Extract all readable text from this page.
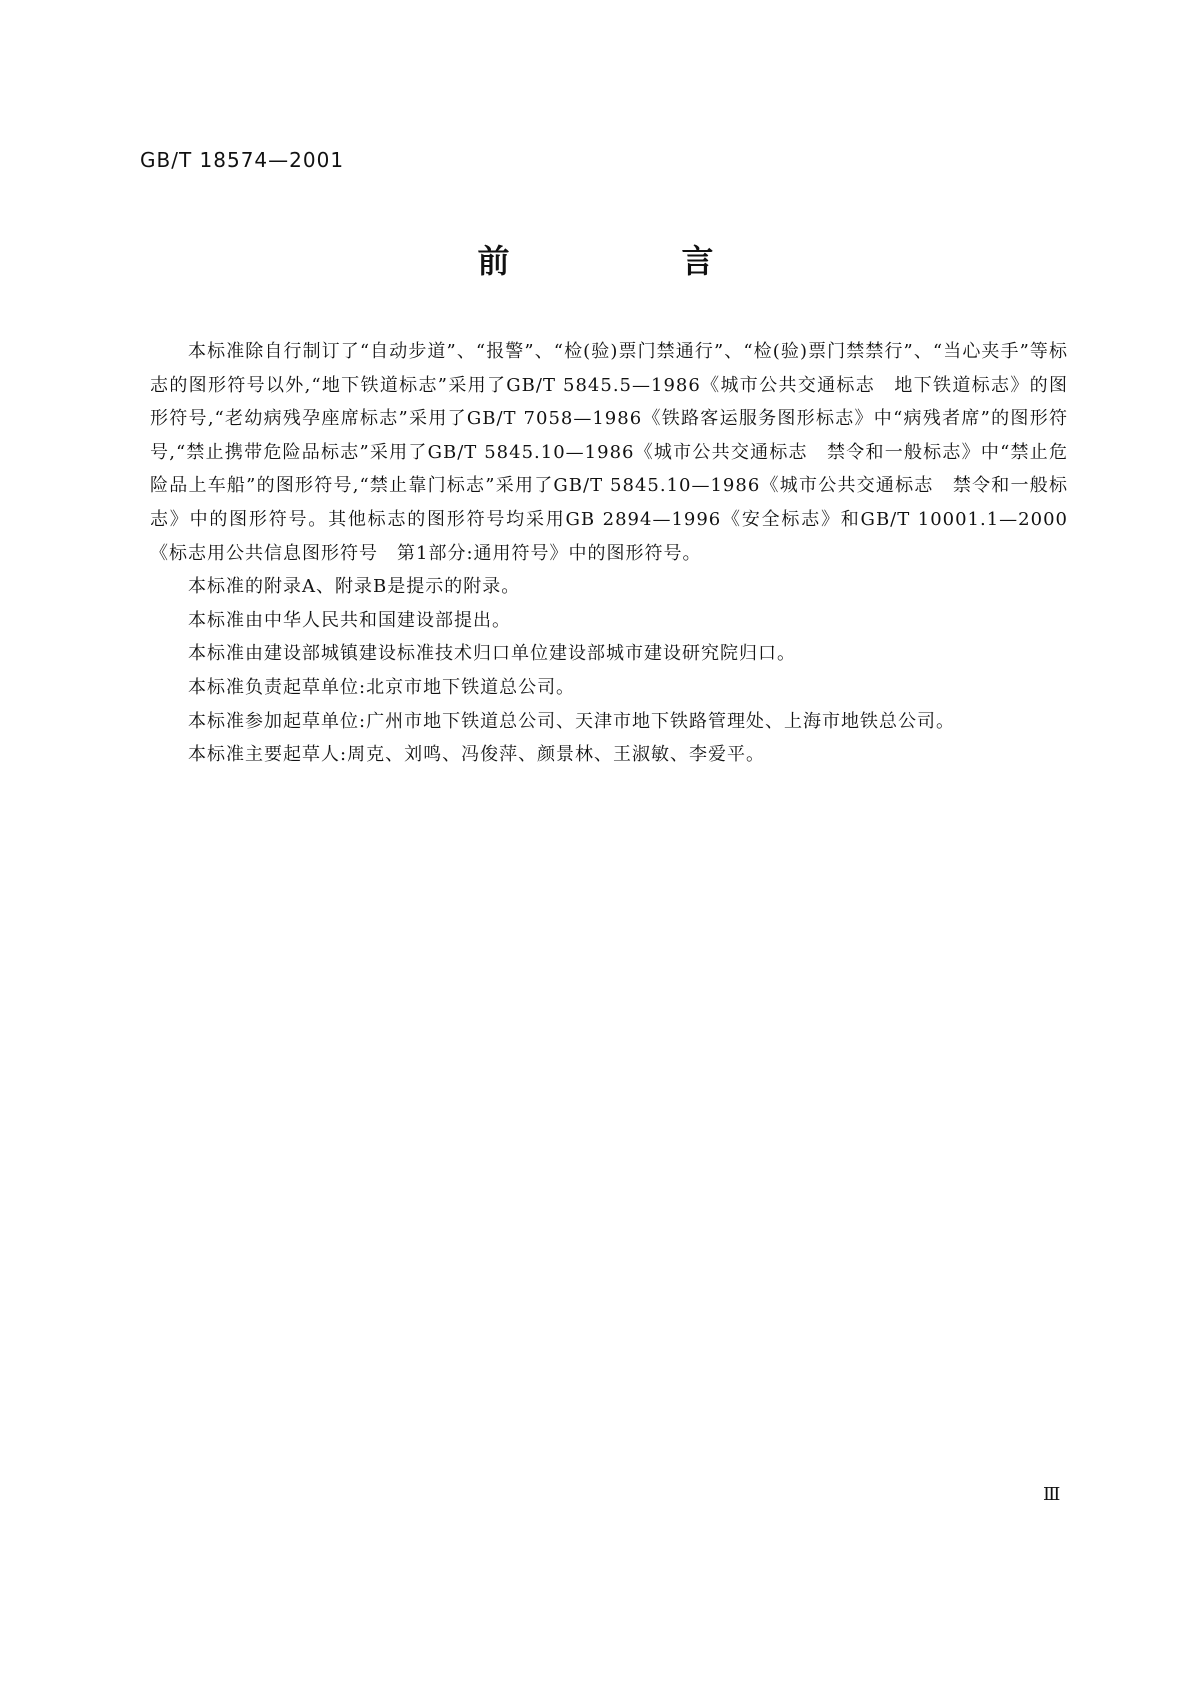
GB/T 18574—2001
前　言

本标准除自行制订了“自动步道”、“报警”、“检(验)票门禁通行”、“检(验)票门禁禁行”、“当心夹手”等标志的图形符号以外,“地下铁道标志”采用了GB/T 5845.5—1986《城市公共交通标志　地下铁道标志》的图形符号,“老幼病残孕座席标志”采用了GB/T 7058—1986《铁路客运服务图形标志》中“病残者席”的图形符号,“禁止携带危险品标志”采用了GB/T 5845.10—1986《城市公共交通标志　禁令和一般标志》中“禁止危险品上车船”的图形符号,“禁止靠门标志”采用了GB/T 5845.10—1986《城市公共交通标志　禁令和一般标志》中的图形符号。其他标志的图形符号均采用GB 2894—1996《安全标志》和GB/T 10001.1—2000《标志用公共信息图形符号　第1部分:通用符号》中的图形符号。

本标准的附录A、附录B是提示的附录。

本标准由中华人民共和国建设部提出。

本标准由建设部城镇建设标准技术归口单位建设部城市建设研究院归口。

本标准负责起草单位:北京市地下铁道总公司。

本标准参加起草单位:广州市地下铁道总公司、天津市地下铁路管理处、上海市地铁总公司。

本标准主要起草人:周克、刘鸣、冯俊萍、颜景林、王淑敏、李爱平。

Ⅲ
